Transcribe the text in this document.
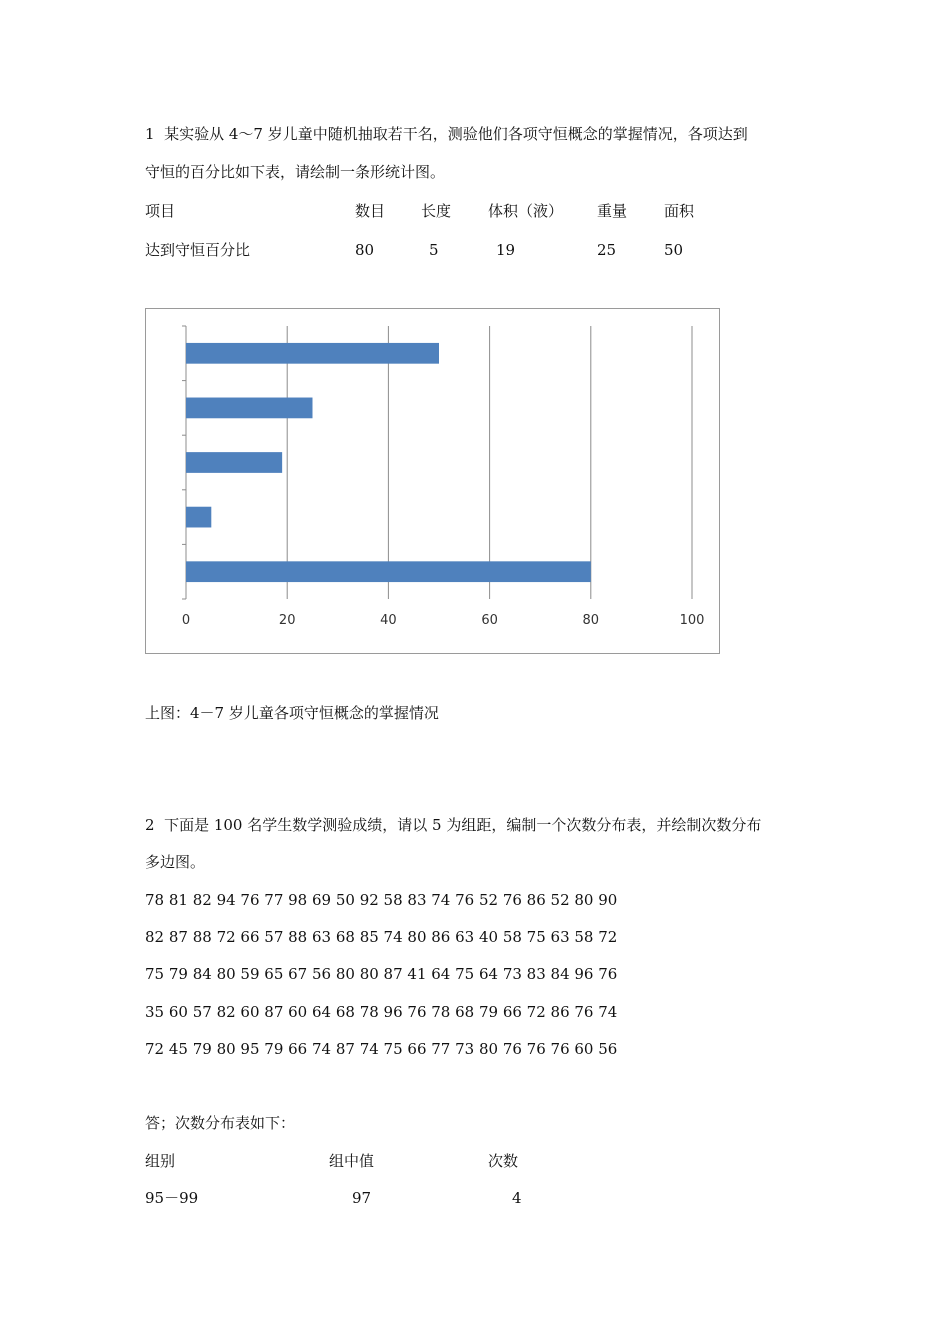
1  某实验从 4～7 岁儿童中随机抽取若干名，测验他们各项守恒概念的掌握情况，各项达到
守恒的百分比如下表，请绘制一条形统计图。
项目	数目 长度 体积（液） 重量 面积
达到守恒百分比	80	5	19	25	50
0	20	40	60	80	100
上图：4－7 岁儿童各项守恒概念的掌握情况
2  下面是 100 名学生数学测验成绩，请以 5 为组距，编制一个次数分布表，并绘制次数分布
多边图。
78 81 82 94 76 77 98 69 50 92 58 83 74 76 52 76 86 52 80 90
82 87 88 72 66 57 88 63 68 85 74 80 86 63 40 58 75 63 58 72
75 79 84 80 59 65 67 56 80 80 87 41 64 75 64 73 83 84 96 76
35 60 57 82 60 87 60 64 68 78 96 76 78 68 79 66 72 86 76 74
72 45 79 80 95 79 66 74 87 74 75 66 77 73 80 76 76 76 60 56
答；次数分布表如下：
组别	组中值	次数
95－99	97	4
